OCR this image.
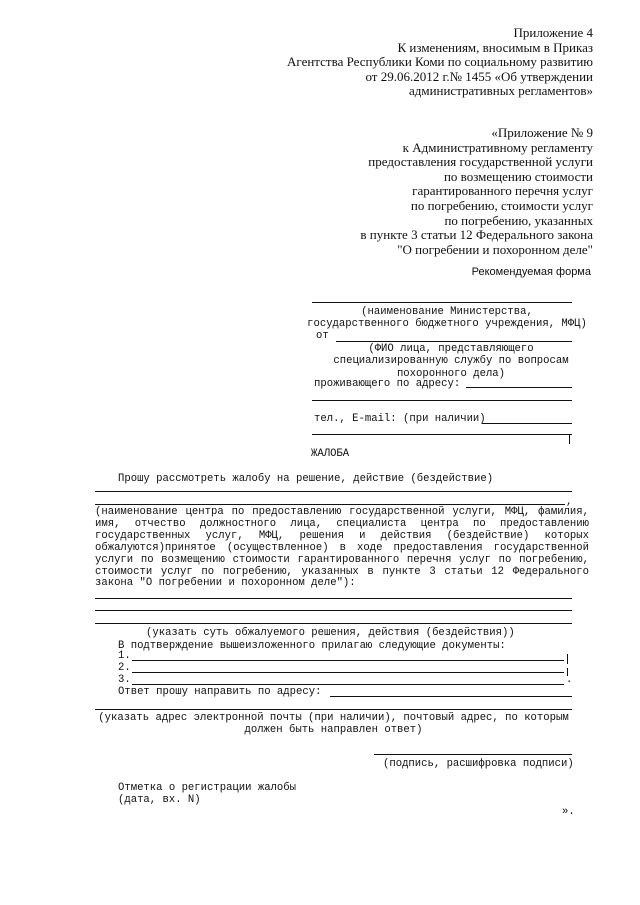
Приложение 4
К изменениям, вносимым в Приказ
Агентства Республики Коми по социальному развитию
от 29.06.2012 г.№ 1455 «Об утверждении
административных регламентов»
«Приложение № 9
к Административному регламенту
предоставления государственной услуги
по возмещению стоимости
гарантированного перечня услуг
по погребению, стоимости услуг
по погребению, указанных
в пункте 3 статьи 12 Федерального закона
"О погребении и похоронном деле"
Рекомендуемая форма
(наименование Министерства,
государственного бюджетного учреждения, МФЦ)
от
(ФИО лица, представляющего
специализированную службу по вопросам
похоронного дела)
проживающего по адресу:
тел., E-mail: (при наличии)
ЖАЛОБА
Прошу рассмотреть жалобу на решение, действие (бездействие)
,
(наименование центра по предоставлению государственной услуги, МФЦ, фамилия, имя, отчество должностного лица, специалиста центра по предоставлению государственных услуг, МФЦ, решения и действия (бездействие) которых обжалуются)принятое (осуществленное) в ходе предоставления государственной услуги по возмещению стоимости гарантированного перечня услуг по погребению, стоимости услуг по погребению, указанных в пункте 3 статьи 12 Федерального закона "О погребении и похоронном деле"):
(указать суть обжалуемого решения, действия (бездействия))
В подтверждение вышеизложенного прилагаю следующие документы:
1.
2.
3.	.
Ответ прошу направить по адресу:
(указать адрес электронной почты (при наличии), почтовый адрес, по которым
должен быть направлен ответ)
(подпись, расшифровка подписи)
Отметка о регистрации жалобы
(дата, вх. N)
».
